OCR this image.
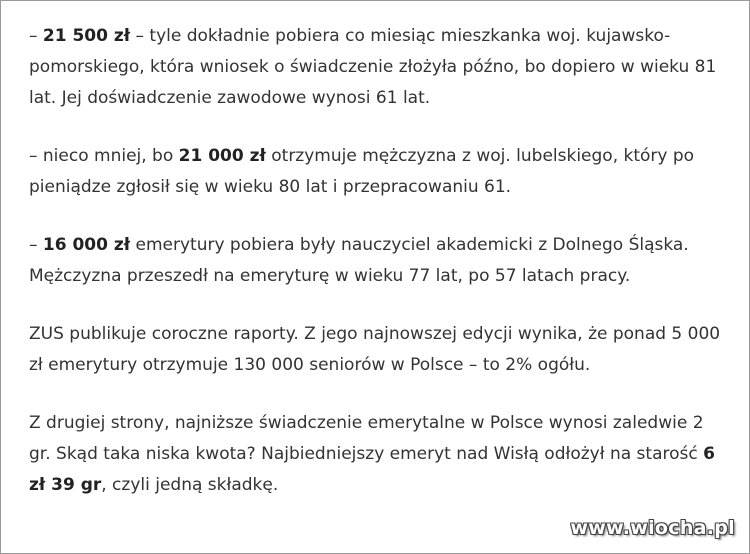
– 21 500 zł – tyle dokładnie pobiera co miesiąc mieszkanka woj. kujawsko-pomorskiego, która wniosek o świadczenie złożyła późno, bo dopiero w wieku 81 lat. Jej doświadczenie zawodowe wynosi 61 lat.

– nieco mniej, bo 21 000 zł otrzymuje mężczyzna z woj. lubelskiego, który po pieniądze zgłosił się w wieku 80 lat i przepracowaniu 61.

– 16 000 zł emerytury pobiera były nauczyciel akademicki z Dolnego Śląska. Mężczyzna przeszedł na emeryturę w wieku 77 lat, po 57 latach pracy.

ZUS publikuje coroczne raporty. Z jego najnowszej edycji wynika, że ponad 5 000 zł emerytury otrzymuje 130 000 seniorów w Polsce – to 2% ogółu.

Z drugiej strony, najniższe świadczenie emerytalne w Polsce wynosi zaledwie 2 gr. Skąd taka niska kwota? Najbiedniejszy emeryt nad Wisłą odłożył na starość 6 zł 39 gr, czyli jedną składkę.

www.wiocha.pl
